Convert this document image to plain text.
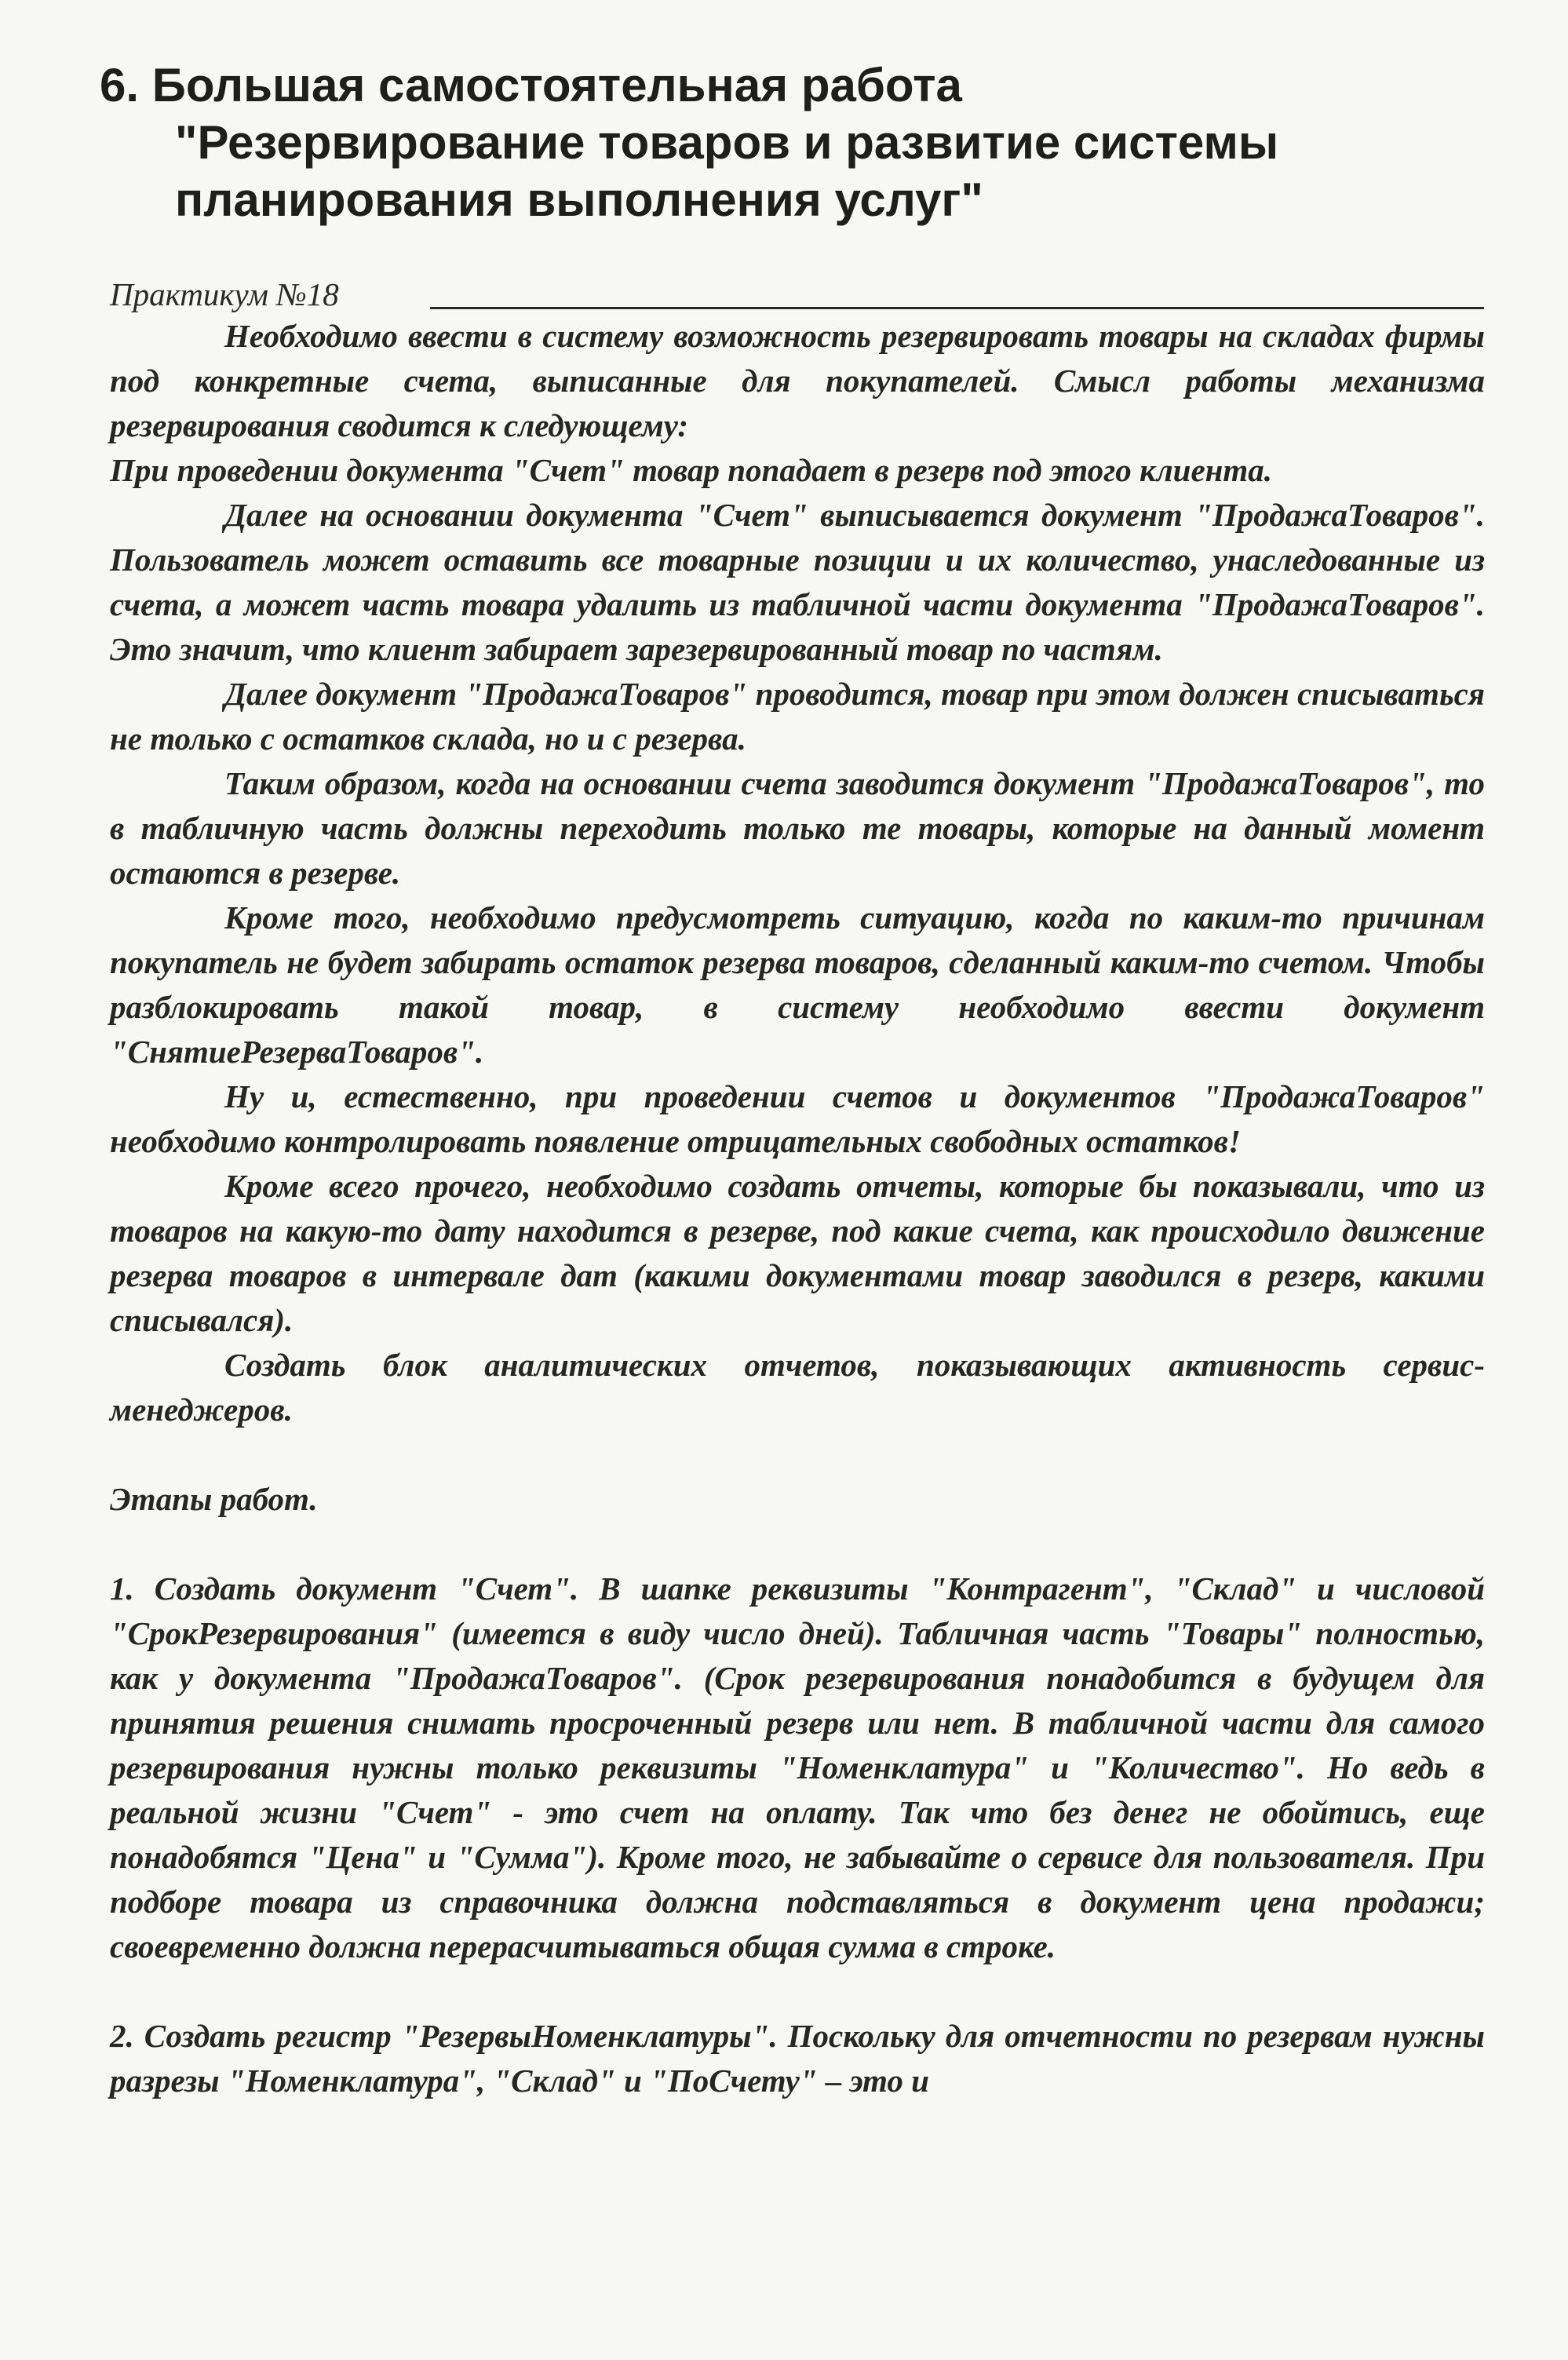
6. Большая самостоятельная работа
"Резервирование товаров и развитие системы
планирования выполнения услуг"
Практикум №18

Необходимо ввести в систему возможность резервировать товары на складах фирмы под конкретные счета, выписанные для покупателей. Смысл работы механизма резервирования сводится к следующему:

При проведении документа "Счет" товар попадает в резерв под этого клиента.

Далее на основании документа "Счет" выписывается документ "ПродажаТоваров". Пользователь может оставить все товарные позиции и их количество, унаследованные из счета, а может часть товара удалить из табличной части документа "ПродажаТоваров". Это значит, что клиент забирает зарезервированный товар по частям.

Далее документ "ПродажаТоваров" проводится, товар при этом должен списываться не только с остатков склада, но и с резерва.

Таким образом, когда на основании счета заводится документ "ПродажаТоваров", то в табличную часть должны переходить только те товары, которые на данный момент остаются в резерве.

Кроме того, необходимо предусмотреть ситуацию, когда по каким-то причинам покупатель не будет забирать остаток резерва товаров, сделанный каким-то счетом. Чтобы разблокировать такой товар, в систему необходимо ввести документ "СнятиеРезерваТоваров".

Ну и, естественно, при проведении счетов и документов "ПродажаТоваров" необходимо контролировать появление отрицательных свободных остатков!

Кроме всего прочего, необходимо создать отчеты, которые бы показывали, что из товаров на какую-то дату находится в резерве, под какие счета, как происходило движение резерва товаров в интервале дат (какими документами товар заводился в резерв, какими списывался).

Создать блок аналитических отчетов, показывающих активность сервис-менеджеров.

Этапы работ.

1. Создать документ "Счет". В шапке реквизиты "Контрагент", "Склад" и числовой "СрокРезервирования" (имеется в виду число дней). Табличная часть "Товары" полностью, как у документа "ПродажаТоваров". (Срок резервирования понадобится в будущем для принятия решения снимать просроченный резерв или нет. В табличной части для самого резервирования нужны только реквизиты "Номенклатура" и "Количество". Но ведь в реальной жизни "Счет" - это счет на оплату. Так что без денег не обойтись, еще понадобятся "Цена" и "Сумма"). Кроме того, не забывайте о сервисе для пользователя. При подборе товара из справочника должна подставляться в документ цена продажи; своевременно должна перерасчитываться общая сумма в строке.

2. Создать регистр "РезервыНоменклатуры". Поскольку для отчетности по резервам нужны разрезы "Номенклатура", "Склад" и "ПоСчету" – это и
